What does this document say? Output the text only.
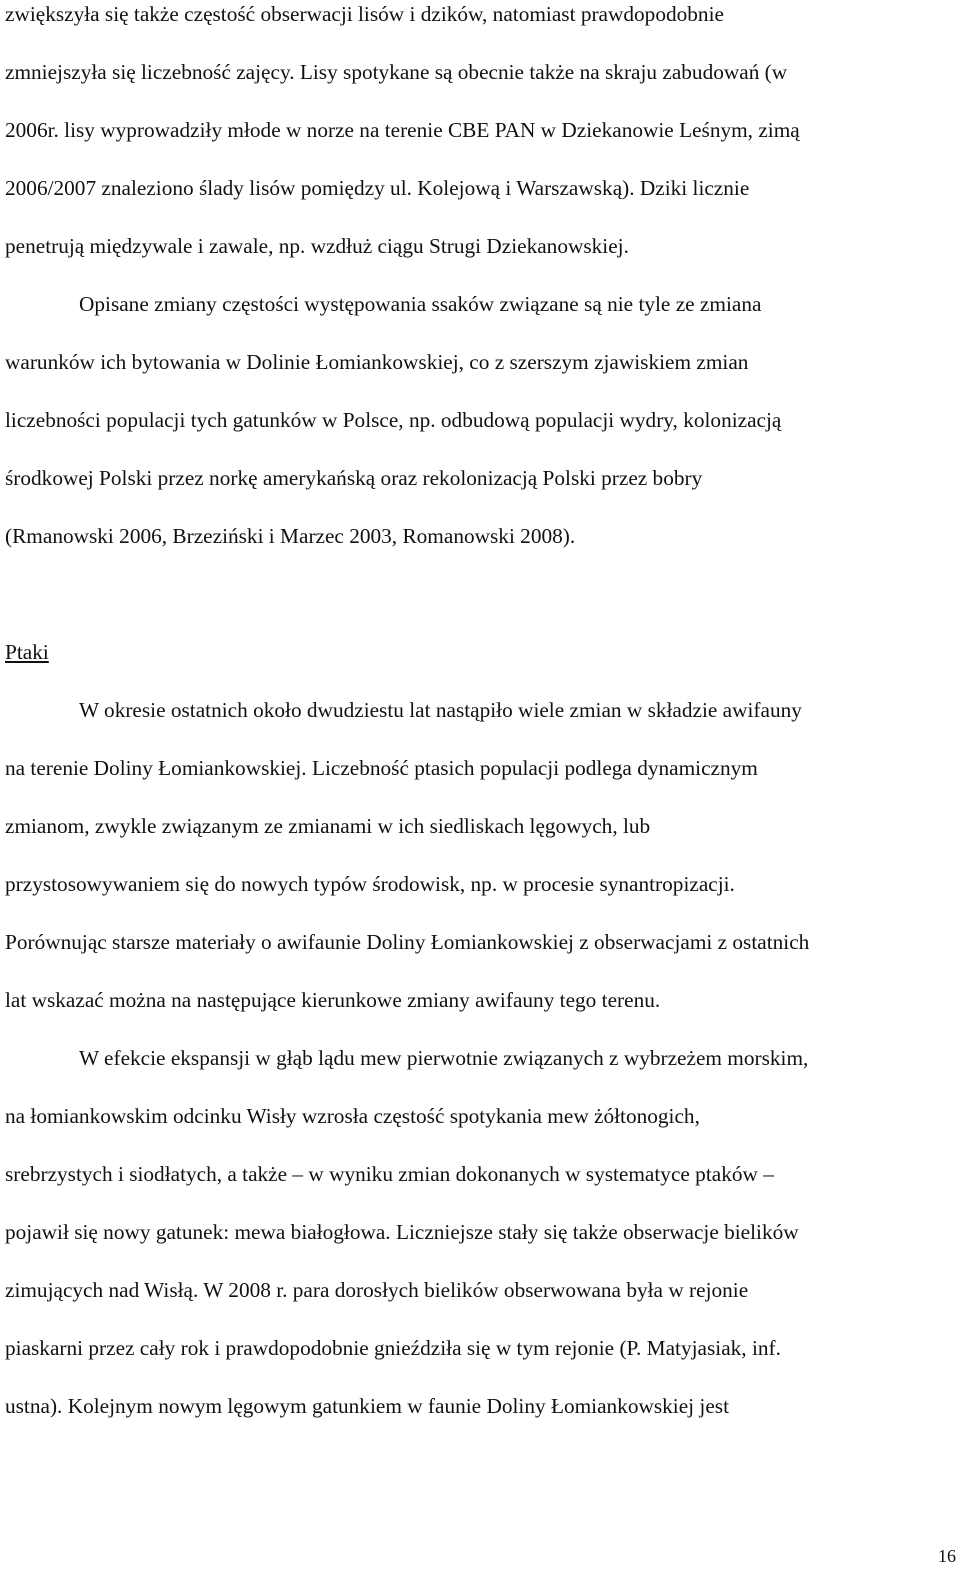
zwiększyła się także częstość obserwacji lisów i dzików, natomiast prawdopodobnie
zmniejszyła się liczebność zajęcy. Lisy spotykane są obecnie także na skraju zabudowań (w
2006r. lisy wyprowadziły młode w norze na terenie CBE PAN w Dziekanowie Leśnym, zimą
2006/2007 znaleziono ślady lisów pomiędzy ul. Kolejową i Warszawską). Dziki licznie
penetrują międzywale i zawale, np. wzdłuż ciągu Strugi Dziekanowskiej.
Opisane zmiany częstości występowania ssaków związane są nie tyle ze zmiana
warunków ich bytowania w Dolinie Łomiankowskiej, co z szerszym zjawiskiem zmian
liczebności populacji tych gatunków w Polsce, np. odbudową populacji wydry, kolonizacją
środkowej Polski przez norkę amerykańską oraz rekolonizacją Polski przez bobry
(Rmanowski 2006, Brzeziński i Marzec 2003, Romanowski 2008).
Ptaki
W okresie ostatnich około dwudziestu lat nastąpiło wiele zmian w składzie awifauny
na terenie Doliny Łomiankowskiej. Liczebność ptasich populacji podlega dynamicznym
zmianom, zwykle związanym ze zmianami w ich siedliskach lęgowych, lub
przystosowywaniem się do nowych typów środowisk, np. w procesie synantropizacji.
Porównując starsze materiały o awifaunie Doliny Łomiankowskiej z obserwacjami z ostatnich
lat wskazać można na następujące kierunkowe zmiany awifauny tego terenu.
W efekcie ekspansji w głąb lądu mew pierwotnie związanych z wybrzeżem morskim,
na łomiankowskim odcinku Wisły wzrosła częstość spotykania mew żółtonogich,
srebrzystych i siodłatych, a także – w wyniku zmian dokonanych w systematyce ptaków –
pojawił się nowy gatunek: mewa białogłowa. Liczniejsze stały się także obserwacje bielików
zimujących nad Wisłą. W 2008 r. para dorosłych bielików obserwowana była w rejonie
piaskarni przez cały rok i prawdopodobnie gnieździła się w tym rejonie (P. Matyjasiak, inf.
ustna). Kolejnym nowym lęgowym gatunkiem w faunie Doliny Łomiankowskiej jest
16
